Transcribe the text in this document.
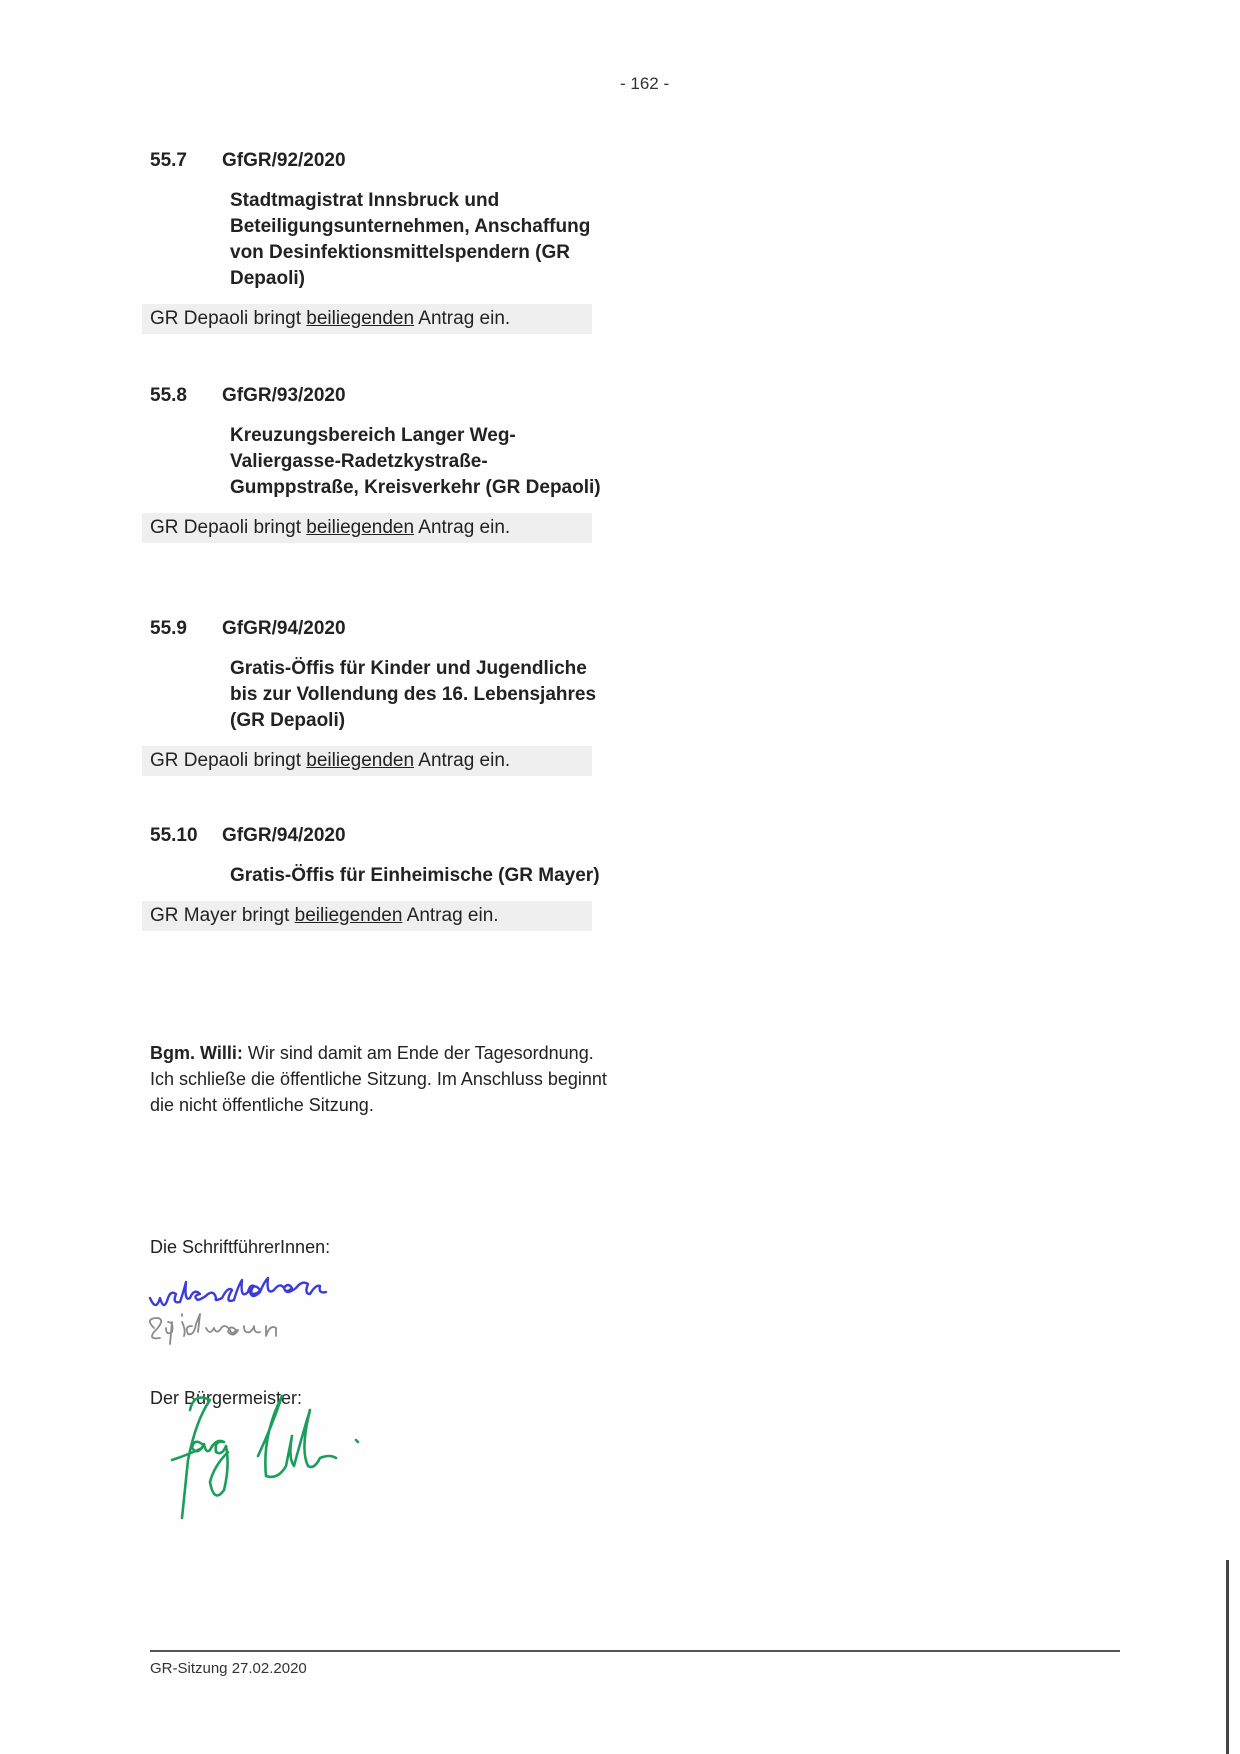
- 162 -
55.7	GfGR/92/2020
Stadtmagistrat Innsbruck und Beteiligungsunternehmen, Anschaffung von Desinfektionsmittelspendern (GR Depaoli)
GR Depaoli bringt beiliegenden Antrag ein.
55.8	GfGR/93/2020
Kreuzungsbereich Langer Weg-Valiergasse-Radetzkystraße-Gumppstraße, Kreisverkehr (GR Depaoli)
GR Depaoli bringt beiliegenden Antrag ein.
55.9	GfGR/94/2020
Gratis-Öffis für Kinder und Jugendliche bis zur Vollendung des 16. Lebensjahres (GR Depaoli)
GR Depaoli bringt beiliegenden Antrag ein.
55.10	GfGR/94/2020
Gratis-Öffis für Einheimische (GR Mayer)
GR Mayer bringt beiliegenden Antrag ein.
Bgm. Willi: Wir sind damit am Ende der Tagesordnung. Ich schließe die öffentliche Sitzung. Im Anschluss beginnt die nicht öffentliche Sitzung.
Die SchriftführerInnen:
Der Bürgermeister:
GR-Sitzung 27.02.2020
